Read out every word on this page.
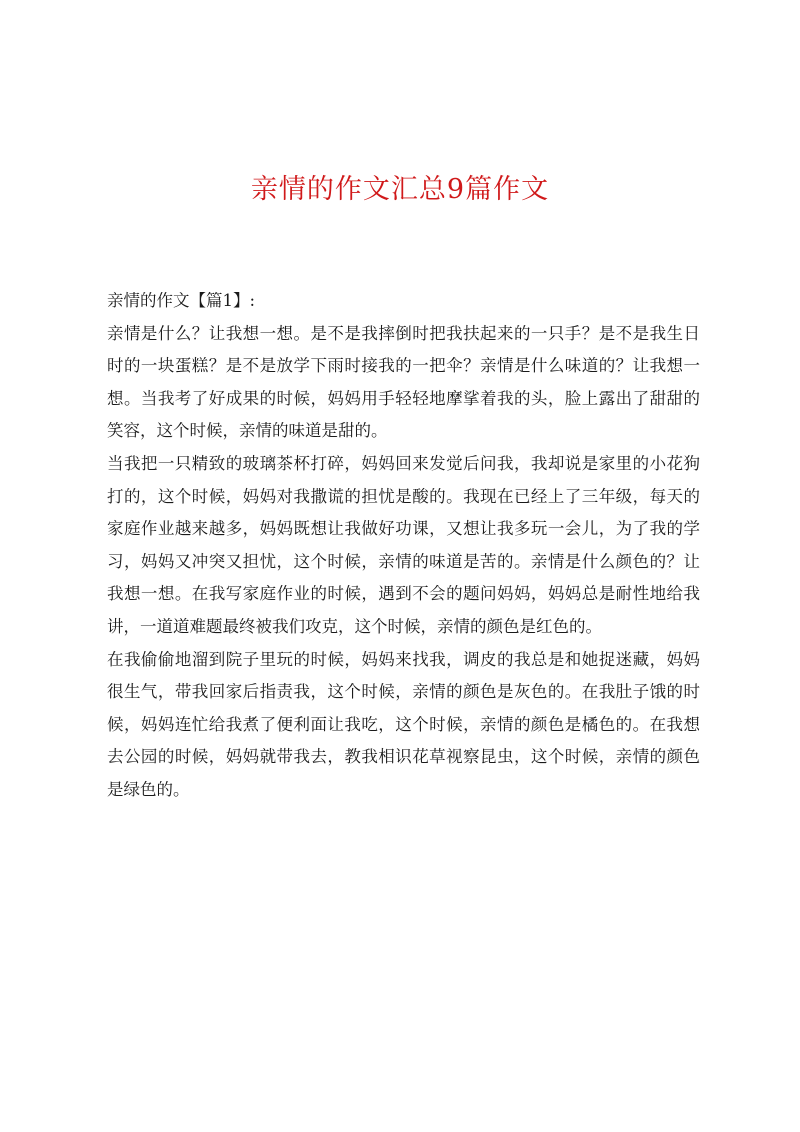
亲情的作文汇总9篇作文

亲情的作文【篇1】:

亲情是什么？让我想一想。是不是我摔倒时把我扶起来的一只手？是不是我生日时的一块蛋糕？是不是放学下雨时接我的一把伞？亲情是什么味道的？让我想一想。当我考了好成果的时候，妈妈用手轻轻地摩挲着我的头，脸上露出了甜甜的笑容，这个时候，亲情的味道是甜的。

当我把一只精致的玻璃茶杯打碎，妈妈回来发觉后问我，我却说是家里的小花狗打的，这个时候，妈妈对我撒谎的担忧是酸的。我现在已经上了三年级，每天的家庭作业越来越多，妈妈既想让我做好功课，又想让我多玩一会儿，为了我的学习，妈妈又冲突又担忧，这个时候，亲情的味道是苦的。亲情是什么颜色的？让我想一想。在我写家庭作业的时候，遇到不会的题问妈妈，妈妈总是耐性地给我讲，一道道难题最终被我们攻克，这个时候，亲情的颜色是红色的。

在我偷偷地溜到院子里玩的时候，妈妈来找我，调皮的我总是和她捉迷藏，妈妈很生气，带我回家后指责我，这个时候，亲情的颜色是灰色的。在我肚子饿的时候，妈妈连忙给我煮了便利面让我吃，这个时候，亲情的颜色是橘色的。在我想去公园的时候，妈妈就带我去，教我相识花草视察昆虫，这个时候，亲情的颜色是绿色的。
